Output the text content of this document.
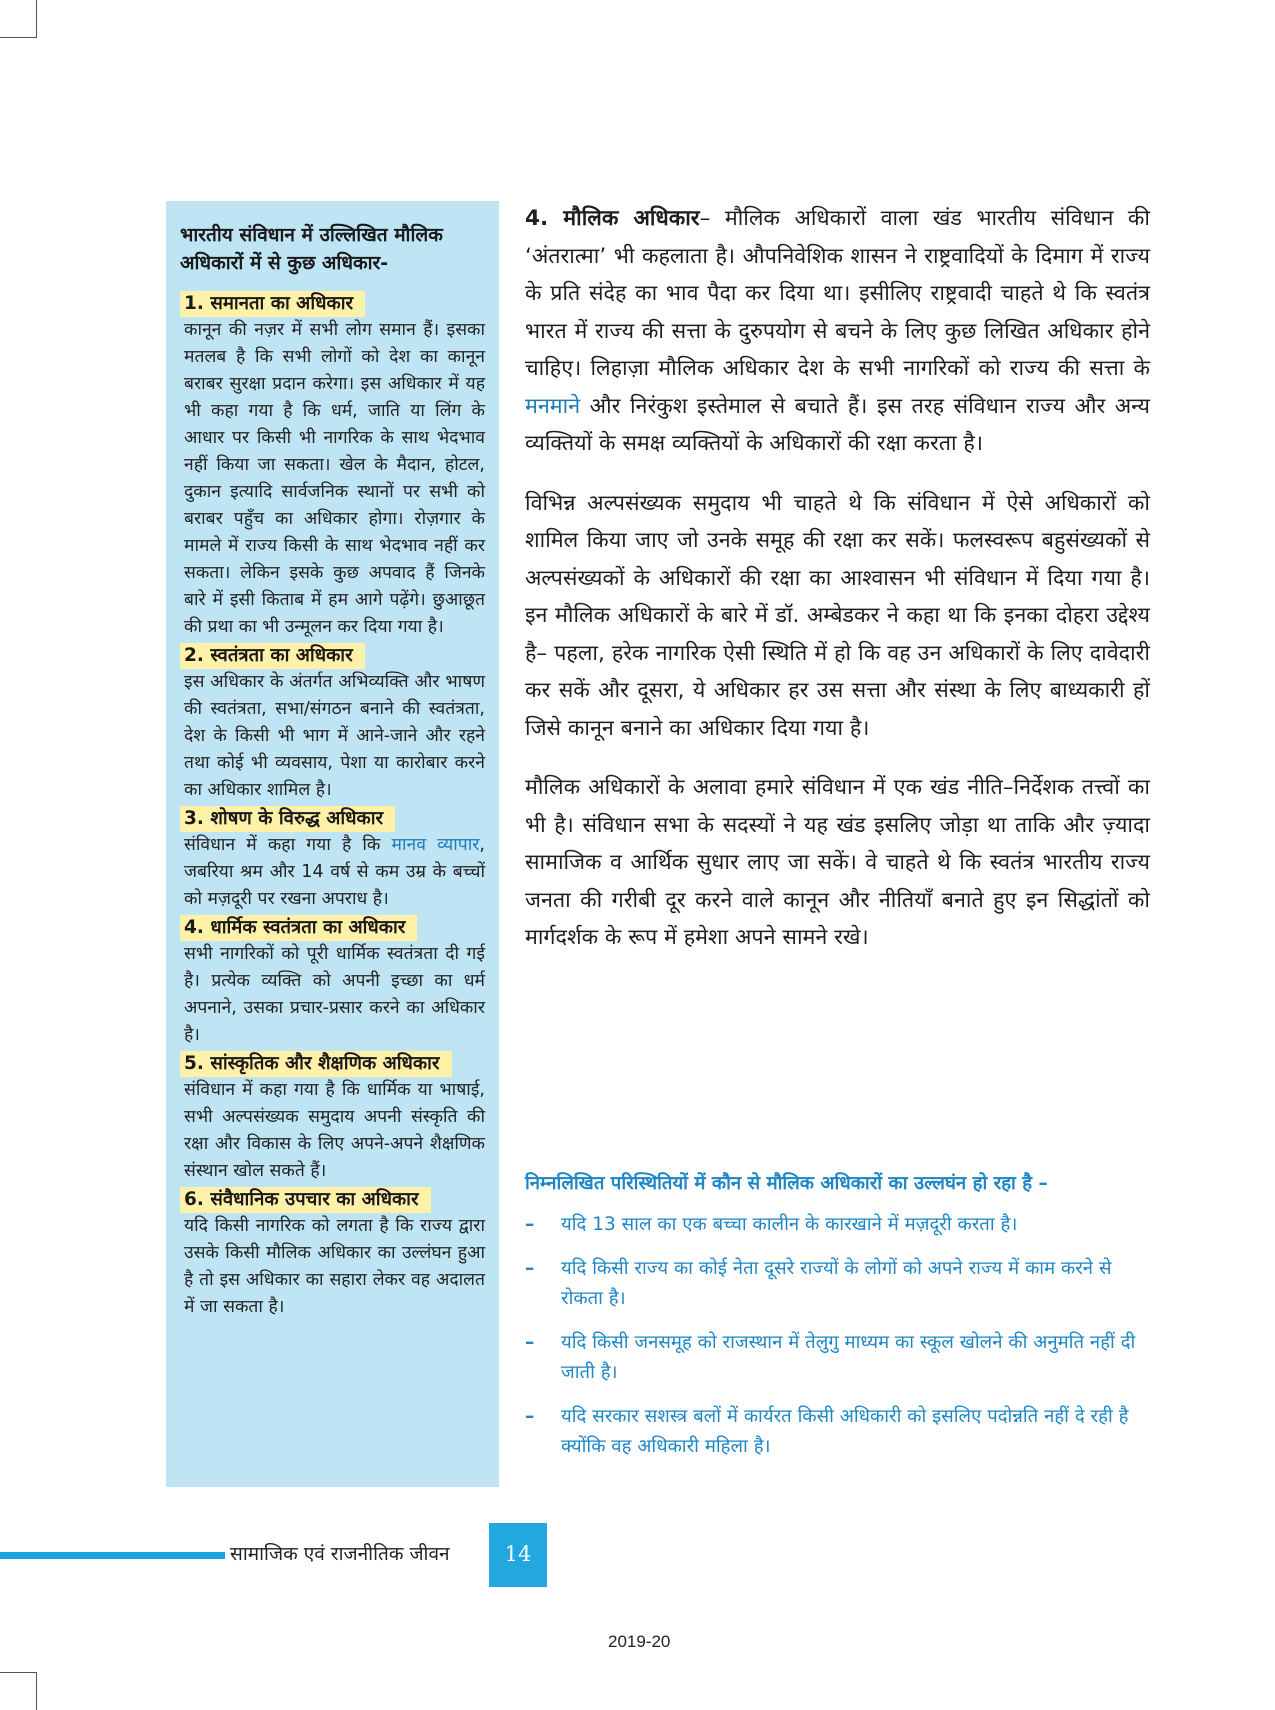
भारतीय संविधान में उल्लिखित मौलिक अधिकारों में से कुछ अधिकार-
1. समानता का अधिकार
कानून की नज़र में सभी लोग समान हैं। इसका मतलब है कि सभी लोगों को देश का कानून बराबर सुरक्षा प्रदान करेगा। इस अधिकार में यह भी कहा गया है कि धर्म, जाति या लिंग के आधार पर किसी भी नागरिक के साथ भेदभाव नहीं किया जा सकता। खेल के मैदान, होटल, दुकान इत्यादि सार्वजनिक स्थानों पर सभी को बराबर पहुँच का अधिकार होगा। रोज़गार के मामले में राज्य किसी के साथ भेदभाव नहीं कर सकता। लेकिन इसके कुछ अपवाद हैं जिनके बारे में इसी किताब में हम आगे पढ़ेंगे। छुआछूत की प्रथा का भी उन्मूलन कर दिया गया है।
2. स्वतंत्रता का अधिकार
इस अधिकार के अंतर्गत अभिव्यक्ति और भाषण की स्वतंत्रता, सभा/संगठन बनाने की स्वतंत्रता, देश के किसी भी भाग में आने-जाने और रहने तथा कोई भी व्यवसाय, पेशा या कारोबार करने का अधिकार शामिल है।
3. शोषण के विरुद्ध अधिकार
संविधान में कहा गया है कि मानव व्यापार, जबरिया श्रम और 14 वर्ष से कम उम्र के बच्चों को मज़दूरी पर रखना अपराध है।
4. धार्मिक स्वतंत्रता का अधिकार
सभी नागरिकों को पूरी धार्मिक स्वतंत्रता दी गई है। प्रत्येक व्यक्ति को अपनी इच्छा का धर्म अपनाने, उसका प्रचार-प्रसार करने का अधिकार है।
5. सांस्कृतिक और शैक्षणिक अधिकार
संविधान में कहा गया है कि धार्मिक या भाषाई, सभी अल्पसंख्यक समुदाय अपनी संस्कृति की रक्षा और विकास के लिए अपने-अपने शैक्षणिक संस्थान खोल सकते हैं।
6. संवैधानिक उपचार का अधिकार
यदि किसी नागरिक को लगता है कि राज्य द्वारा उसके किसी मौलिक अधिकार का उल्लंघन हुआ है तो इस अधिकार का सहारा लेकर वह अदालत में जा सकता है।

4. मौलिक अधिकार– मौलिक अधिकारों वाला खंड भारतीय संविधान की ‘अंतरात्मा’ भी कहलाता है। औपनिवेशिक शासन ने राष्ट्रवादियों के दिमाग में राज्य के प्रति संदेह का भाव पैदा कर दिया था। इसीलिए राष्ट्रवादी चाहते थे कि स्वतंत्र भारत में राज्य की सत्ता के दुरुपयोग से बचने के लिए कुछ लिखित अधिकार होने चाहिए। लिहाज़ा मौलिक अधिकार देश के सभी नागरिकों को राज्य की सत्ता के मनमाने और निरंकुश इस्तेमाल से बचाते हैं। इस तरह संविधान राज्य और अन्य व्यक्तियों के समक्ष व्यक्तियों के अधिकारों की रक्षा करता है।

विभिन्न अल्पसंख्यक समुदाय भी चाहते थे कि संविधान में ऐसे अधिकारों को शामिल किया जाए जो उनके समूह की रक्षा कर सकें। फलस्वरूप बहुसंख्यकों से अल्पसंख्यकों के अधिकारों की रक्षा का आश्वासन भी संविधान में दिया गया है। इन मौलिक अधिकारों के बारे में डॉ. अम्बेडकर ने कहा था कि इनका दोहरा उद्देश्य है– पहला, हरेक नागरिक ऐसी स्थिति में हो कि वह उन अधिकारों के लिए दावेदारी कर सकें और दूसरा, ये अधिकार हर उस सत्ता और संस्था के लिए बाध्यकारी हों जिसे कानून बनाने का अधिकार दिया गया है।

मौलिक अधिकारों के अलावा हमारे संविधान में एक खंड नीति–निर्देशक तत्त्वों का भी है। संविधान सभा के सदस्यों ने यह खंड इसलिए जोड़ा था ताकि और ज़्यादा सामाजिक व आर्थिक सुधार लाए जा सकें। वे चाहते थे कि स्वतंत्र भारतीय राज्य जनता की गरीबी दूर करने वाले कानून और नीतियाँ बनाते हुए इन सिद्धांतों को मार्गदर्शक के रूप में हमेशा अपने सामने रखे।

निम्नलिखित परिस्थितियों में कौन से मौलिक अधिकारों का उल्लघंन हो रहा है –
–	यदि 13 साल का एक बच्चा कालीन के कारखाने में मज़दूरी करता है।
–	यदि किसी राज्य का कोई नेता दूसरे राज्यों के लोगों को अपने राज्य में काम करने से रोकता है।
–	यदि किसी जनसमूह को राजस्थान में तेलुगु माध्यम का स्कूल खोलने की अनुमति नहीं दी जाती है।
–	यदि सरकार सशस्त्र बलों में कार्यरत किसी अधिकारी को इसलिए पदोन्नति नहीं दे रही है क्योंकि वह अधिकारी महिला है।
सामाजिक एवं राजनीतिक जीवन	14
2019-20
